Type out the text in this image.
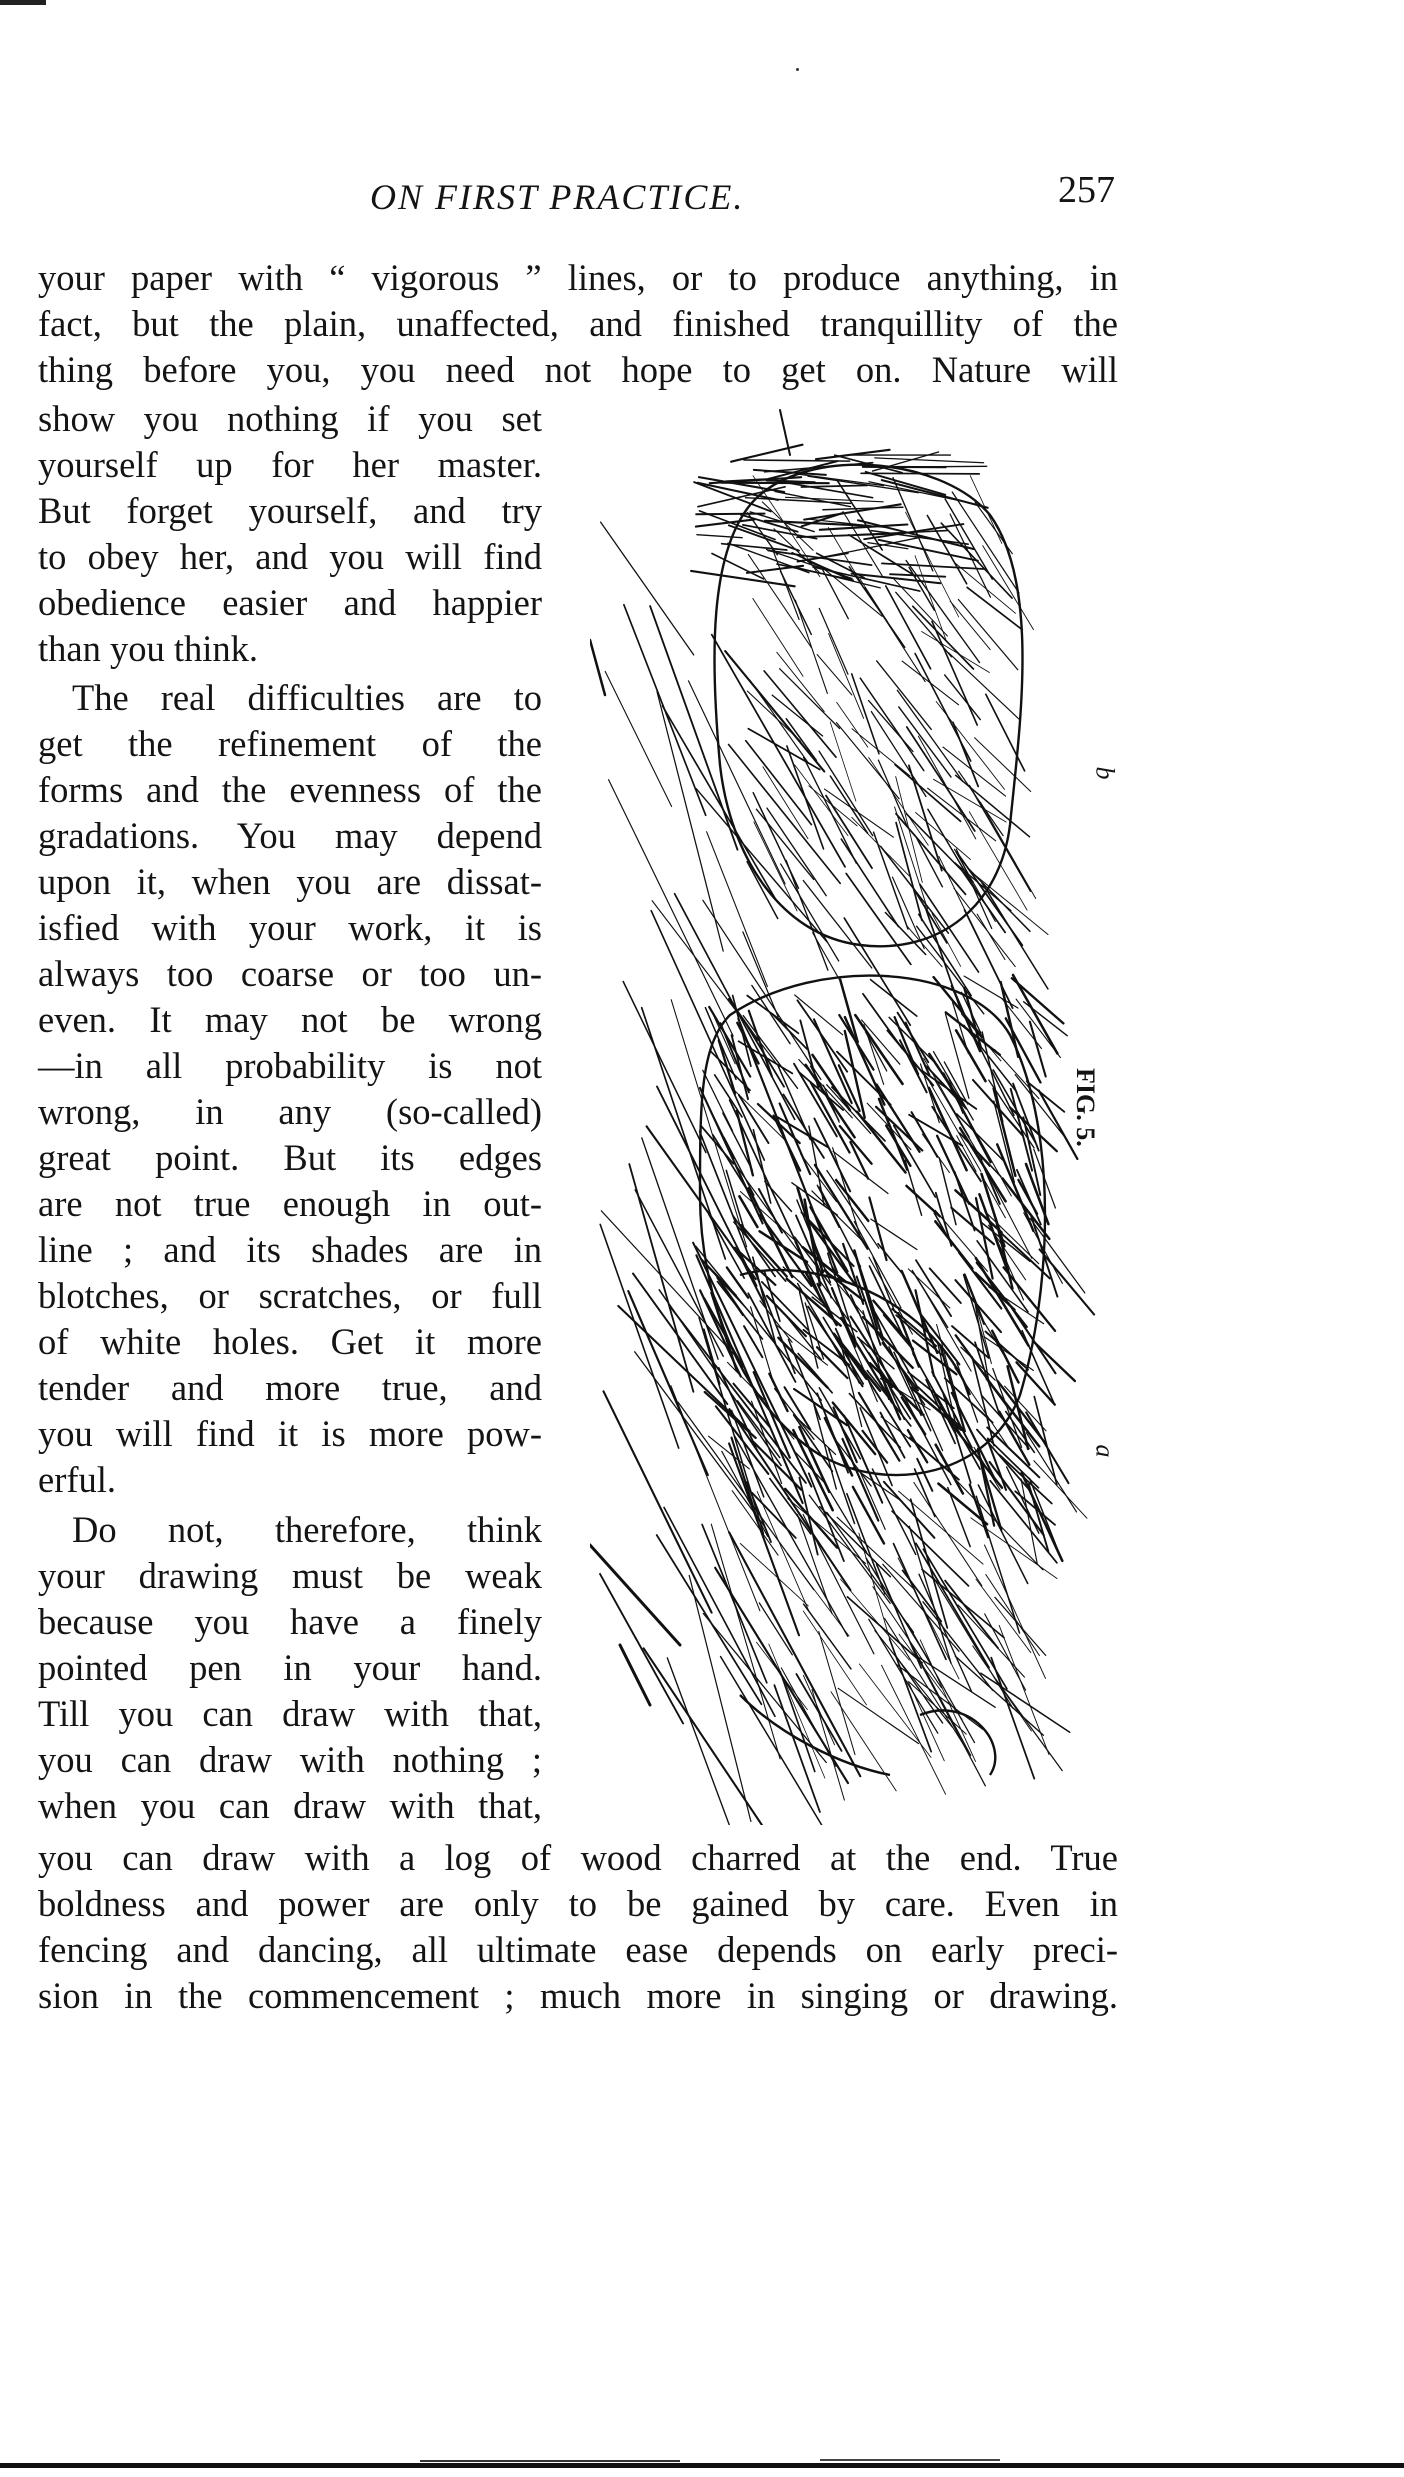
ON FIRST PRACTICE.	257
your paper with “ vigorous ” lines, or to produce anything, in
fact, but the plain, unaffected, and finished tranquillity of the
thing before you, you need not hope to get on. Nature will
show you nothing if you set
yourself up for her master.
But forget yourself, and try
to obey her, and you will find
obedience easier and happier
than you think.
The real difficulties are to
get the refinement of the
forms and the evenness of the
gradations. You may depend
upon it, when you are dissat-
isfied with your work, it is
always too coarse or too un-
even. It may not be wrong
—in all probability is not
wrong, in any (so-called)
great point. But its edges
are not true enough in out-
line ; and its shades are in
blotches, or scratches, or full
of white holes. Get it more
tender and more true, and
you will find it is more pow-
erful.
Do not, therefore, think
your drawing must be weak
because you have a finely
pointed pen in your hand.
Till you can draw with that,
you can draw with nothing ;
when you can draw with that,
you can draw with a log of wood charred at the end. True
boldness and power are only to be gained by care. Even in
fencing and dancing, all ultimate ease depends on early preci-
sion in the commencement ; much more in singing or drawing.
b
FIG. 5.
a
